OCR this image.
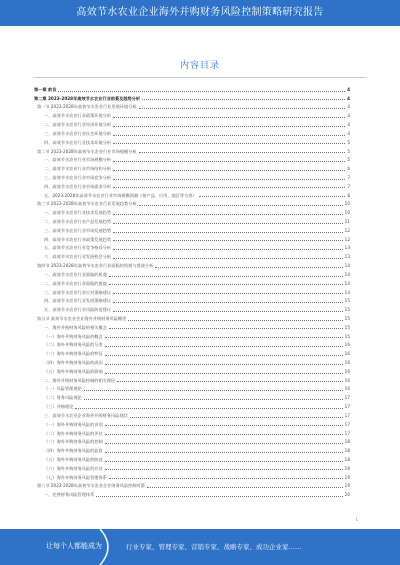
高效节水农业企业海外并购财务风险控制策略研究报告
内容目录
第一章 前言	4
第二章 2023-2028年高效节水农业行业前景及趋势分析	4
第一节 2023-2028年高效节水农业行业发展环境分析	4
一、高效节水农业行业政策环境分析	4
二、高效节水农业行业经济环境分析	4
三、高效节水农业行业社会环境分析	4
四、高效节水农业行业技术环境分析	5
第二节 2023-2028年高效节水农业行业市场规模分析	5
一、高效节水农业行业市场规模分析	5
二、高效节水农业行业市场结构分析	6
三、高效节水农业行业市场竞争分析	7
四、高效节水农业行业市场需求分析	7
五、2023-2028年高效节水农业行业市场规模预测（按产品、应用、地区等分类）	8
第三节 2023-2028年高效节水农业行业发展趋势分析	10
一、高效节水农业行业技术发展趋势	10
二、高效节水农业行业产品发展趋势	11
三、高效节水农业行业市场发展趋势	12
四、高效节水农业行业政策发展趋势	12
五、高效节水农业行业竞争格局分析	13
六、高效节水农业行业发展机会分析	13
第四节 2023-2028年高效节水农业行业面临的机遇与挑战分析	14
一、高效节水农业行业面临的机遇	14
二、高效节水农业行业面临的挑战	14
三、高效节水农业行业应对策略建议	14
四、高效节水农业行业发展策略建议	15
五、高效节水农业行业风险防范建议	15
第五节 高效节水农业企业海外并购财务风险概述	15
一、海外并购财务风险的相关概念	15
（一）海外并购财务风险的概念	15
（二）海外并购财务风险的分类	16
（三）海外并购财务风险的特征	16
（四）海外并购财务风险的成因	16
（五）海外并购财务风险的影响	16
二、海外并购财务风险控制的相关理论	16
（一）风险管理理论	16
（二）财务风险理论	17
（三）并购理论	17
三、高效节水农业企业海外并购财务风险现状	17
（一）海外并购财务风险的识别	17
（二）海外并购财务风险的评估	17
（三）海外并购财务风险的控制	18
（四）海外并购财务风险的监督	18
（五）海外并购财务风险的防范	18
（六）海外并购财务风险的应对	19
（七）海外并购财务风险管理体系	19
第六节 2023-2028年高效节水农业企业财务风险控制对策	19
一、完善财务风险管理体系	20
1
让每个人都能成为	行业专家、管理专家、营销专家、战略专家、成功企业家……
